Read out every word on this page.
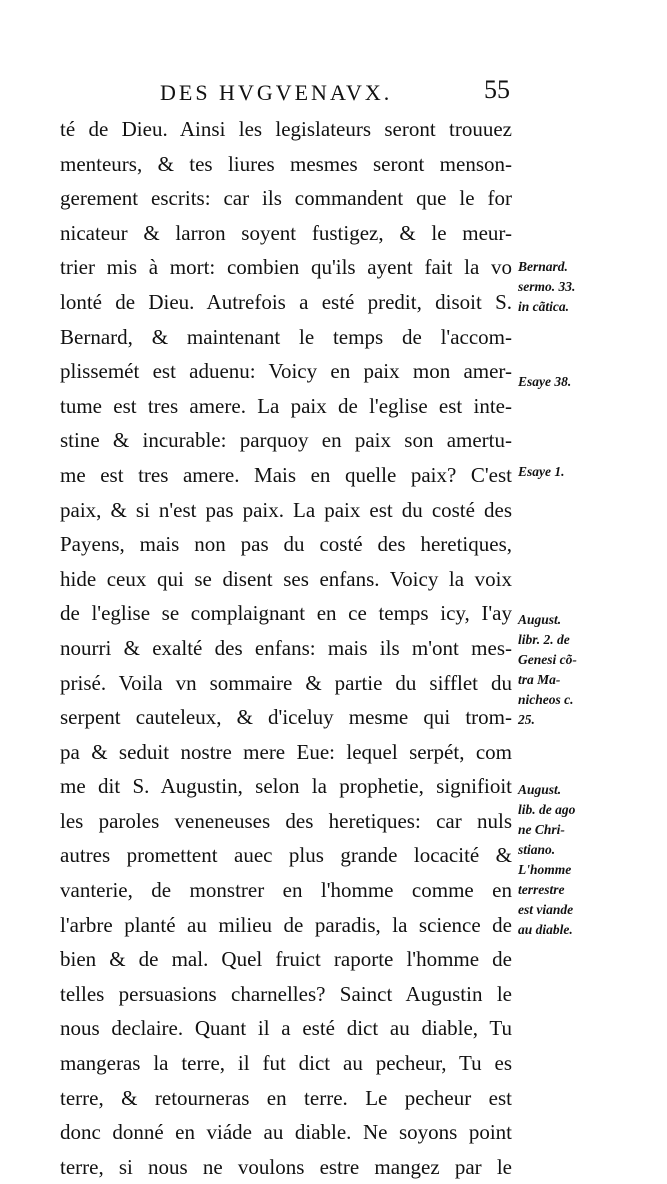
DES HVGVENAVX.	55
té de Dieu. Ainsi les legislateurs seront trouuez
menteurs, & tes liures mesmes seront menson-
gerement escrits: car ils commandent que le for
nicateur & larron soyent fustigez, & le meur-
trier mis à mort: combien qu'ils ayent fait la vo
lonté de Dieu. Autrefois a esté predit, disoit S.
Bernard, & maintenant le temps de l'accom-
plissemét est aduenu: Voicy en paix mon amer-
tume est tres amere. La paix de l'eglise est inte-
stine & incurable: parquoy en paix son amertu-
me est tres amere. Mais en quelle paix? C'est
paix, & si n'est pas paix. La paix est du costé des
Payens, mais non pas du costé des heretiques,
hide ceux qui se disent ses enfans. Voicy la voix
de l'eglise se complaignant en ce temps icy, I'ay
nourri & exalté des enfans: mais ils m'ont mes-
prisé. Voila vn sommaire & partie du sifflet du
serpent cauteleux, & d'iceluy mesme qui trom-
pa & seduit nostre mere Eue: lequel serpét, com
me dit S. Augustin, selon la prophetie, signifioit
les paroles veneneuses des heretiques: car nuls
autres promettent auec plus grande locacité &
vanterie, de monstrer en l'homme comme en
l'arbre planté au milieu de paradis, la science de
bien & de mal. Quel fruict raporte l'homme de
telles persuasions charnelles? Sainct Augustin le
nous declaire. Quant il a esté dict au diable, Tu
mangeras la terre, il fut dict au pecheur, Tu es
terre, & retourneras en terre. Le pecheur est
donc donné en viáde au diable. Ne soyons point
terre, si nous ne voulons estre mangez par le
Bernard.
sermo. 33.
in cãtica.
Esaye 38.
Esaye 1.
August.
libr. 2. de
Genesi cõ-
tra Ma-
nicheos c.
25.
August.
lib. de ago
ne Chri-
stiano.
L'homme
terrestre
est viande
au diable.
